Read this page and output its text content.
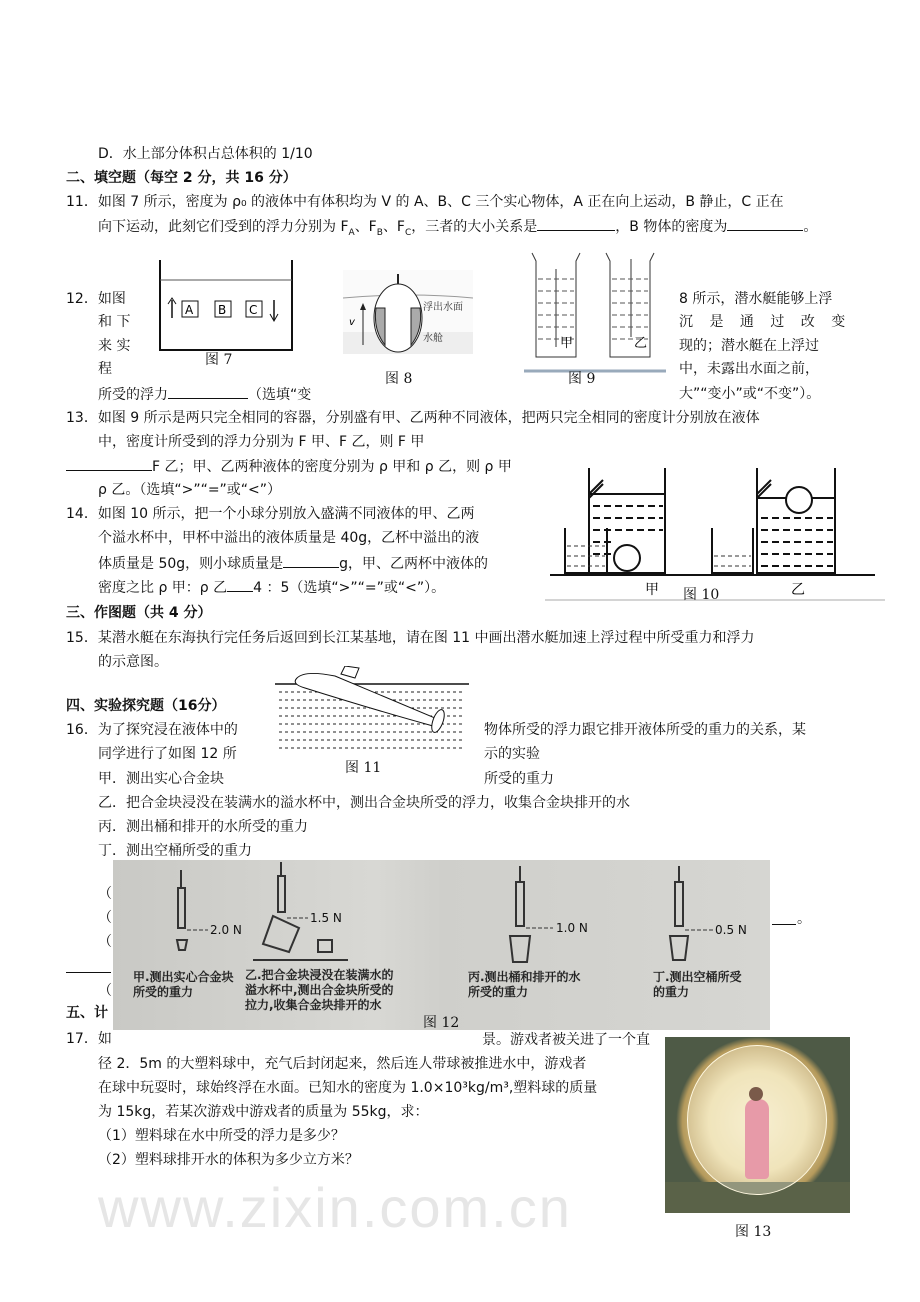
www.zixin.com.cn
D．水上部分体积占总体积的 1/10
二、填空题（每空 2 分，共 16 分）
11．如图 7 所示，密度为 ρ₀ 的液体中有体积均为 V 的 A、B、C 三个实心物体，A 正在向上运动，B 静止，C 正在
向下运动，此刻它们受到的浮力分别为 $F_A$、$F_B$、$F_C$，三者的大小关系是	，B 物体的密度为	。
A B C
图 7
v
浮出水面
水舱
图 8
甲	乙
图 9
12．如图
和 下
来 实
程
所受的浮力	（选填“变
8 所示，潜水艇能够上浮
沉 是 通 过 改 变
现的；潜水艇在上浮过
中，未露出水面之前，
大”“变小”或“不变”）。
13．如图 9 所示是两只完全相同的容器，分别盛有甲、乙两种不同液体，把两只完全相同的密度计分别放在液体
中，密度计所受到的浮力分别为 F 甲、F 乙，则 F 甲
F 乙；甲、乙两种液体的密度分别为 ρ 甲和 ρ 乙，则 ρ 甲
ρ 乙。（选填“>”“=”或“<”）
14．如图 10 所示，把一个小球分别放入盛满不同液体的甲、乙两
个溢水杯中，甲杯中溢出的液体质量是 40g，乙杯中溢出的液
体质量是 50g，则小球质量是	g，甲、乙两杯中液体的
密度之比 ρ 甲：ρ 乙 4 ：5（选填“>”“=”或“<”）。	甲	乙
图 10
三、作图题（共 4 分）
15．某潜水艇在东海执行完任务后返回到长江某基地，请在图 11 中画出潜水艇加速上浮过程中所受重力和浮力
的示意图。
四、实验探究题（16分）
图 11
16．为了探究浸在液体中的
同学进行了如图 12 所
甲．测出实心合金块
物体所受的浮力跟它排开液体所受的重力的关系，某
示的实验
所受的重力
乙．把合金块浸没在装满水的溢水杯中，测出合金块所受的浮力，收集合金块排开的水
丙．测出桶和排开的水所受的重力
丁．测出空桶所受的重力
（
（
（
（
。
2.0 N
1.5 N
1.0 N	0.5 N
甲.测出实心合金块所受的重力
乙.把合金块浸没在装满水的溢水杯中,测出合金块所受的拉力,收集合金块排开的水
丙.测出桶和排开的水所受的重力
丁.测出空桶所受的重力
图 12
五、计
17．如	景。游戏者被关进了一个直
径 2．5m 的大塑料球中，充气后封闭起来，然后连人带球被推进水中，游戏者
在球中玩耍时，球始终浮在水面。已知水的密度为 1.0×10³kg/m³,塑料球的质量
为 15kg，若某次游戏中游戏者的质量为 55kg，求：
（1）塑料球在水中所受的浮力是多少？
（2）塑料球排开水的体积为多少立方米？
图 13
